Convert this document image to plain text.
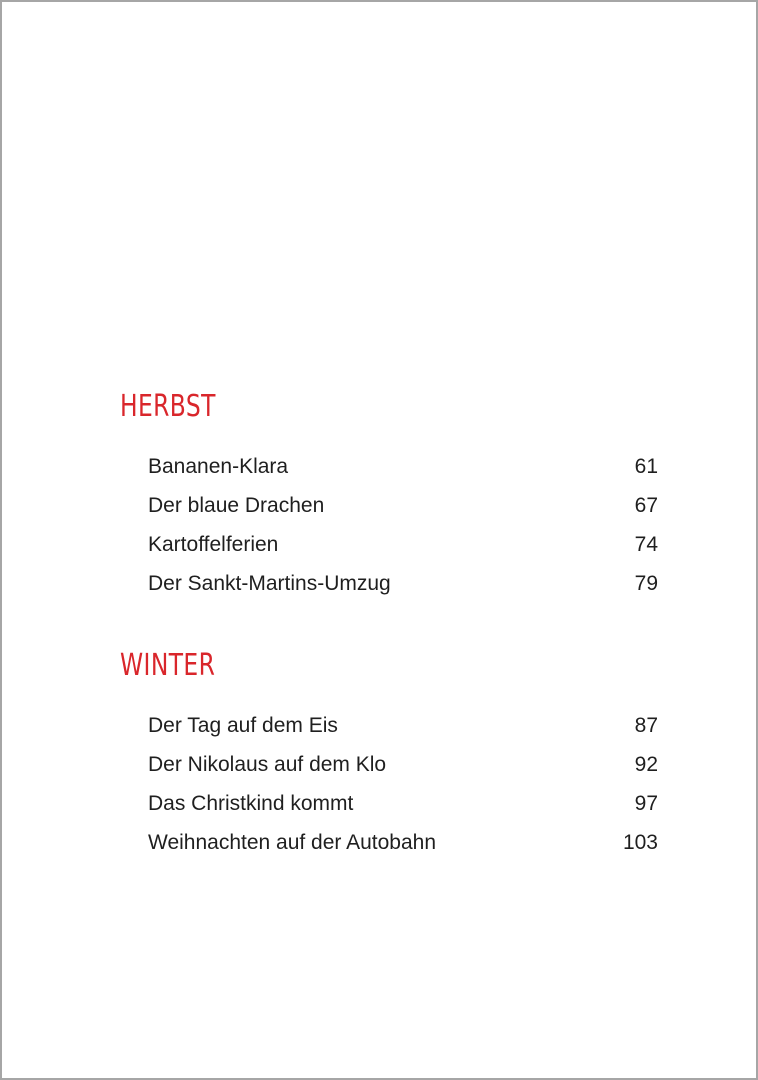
HERBST
Bananen-Klara	61
Der blaue Drachen	67
Kartoffelferien	74
Der Sankt-Martins-Umzug	79
WINTER
Der Tag auf dem Eis	87
Der Nikolaus auf dem Klo	92
Das Christkind kommt	97
Weihnachten auf der Autobahn	103
